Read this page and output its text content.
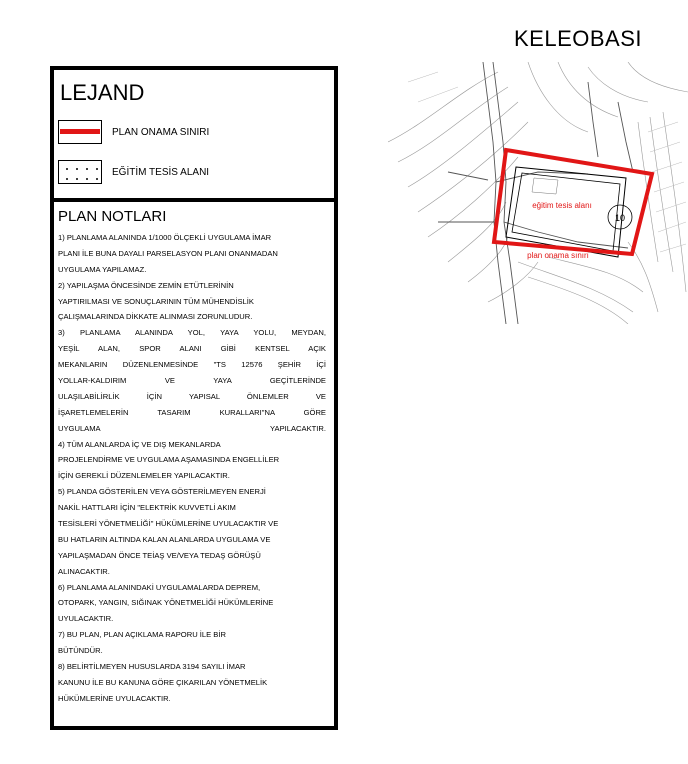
KELEOBASI
LEJAND
PLAN ONAMA SINIRI
EĞİTİM TESİS ALANI
PLAN NOTLARI
1) PLANLAMA ALANINDA 1/1000 ÖLÇEKLİ UYGULAMA İMAR
PLANI İLE BUNA DAYALI PARSELASYON PLANI ONANMADAN
UYGULAMA YAPILAMAZ.
2) YAPILAŞMA ÖNCESİNDE ZEMİN ETÜTLERİNİN
YAPTIRILMASI VE SONUÇLARININ TÜM MÜHENDİSLİK
ÇALIŞMALARINDA DİKKATE ALINMASI ZORUNLUDUR.
3) PLANLAMA ALANINDA YOL, YAYA YOLU, MEYDAN,
YEŞİL ALAN, SPOR ALANI GİBİ KENTSEL AÇIK
MEKANLARIN DÜZENLENMESİNDE "TS 12576 ŞEHİR İÇİ
YOLLAR-KALDIRIM VE YAYA GEÇİTLERİNDE
ULAŞILABİLİRLİK İÇİN YAPISAL ÖNLEMLER VE
İŞARETLEMELERİN TASARIM KURALLARI"NA GÖRE
UYGULAMA YAPILACAKTIR.
4) TÜM ALANLARDA İÇ VE DIŞ MEKANLARDA
PROJELENDİRME VE UYGULAMA AŞAMASINDA ENGELLİLER
İÇİN GEREKLİ DÜZENLEMELER YAPILACAKTIR.
5) PLANDA GÖSTERİLEN VEYA GÖSTERİLMEYEN ENERJİ
NAKİL HATTLARI İÇİN "ELEKTRİK KUVVETLİ AKIM
TESİSLERİ YÖNETMELİĞİ" HÜKÜMLERİNE UYULACAKTIR VE
BU HATLARIN ALTINDA KALAN ALANLARDA UYGULAMA VE
YAPILAŞMADAN ÖNCE TEİAŞ VE/VEYA TEDAŞ GÖRÜŞÜ
ALINACAKTIR.
6) PLANLAMA ALANINDAKİ UYGULAMALARDA DEPREM,
OTOPARK, YANGIN, SIĞINAK YÖNETMELİĞİ HÜKÜMLERİNE
UYULACAKTIR.
7) BU PLAN, PLAN AÇIKLAMA RAPORU İLE BİR
BÜTÜNDÜR.
8) BELİRTİLMEYEN HUSUSLARDA 3194 SAYILI İMAR
KANUNU İLE BU KANUNA GÖRE ÇIKARILAN YÖNETMELİK
HÜKÜMLERİNE UYULACAKTIR.
10
eğitim tesis alanı
plan onama sınırı
